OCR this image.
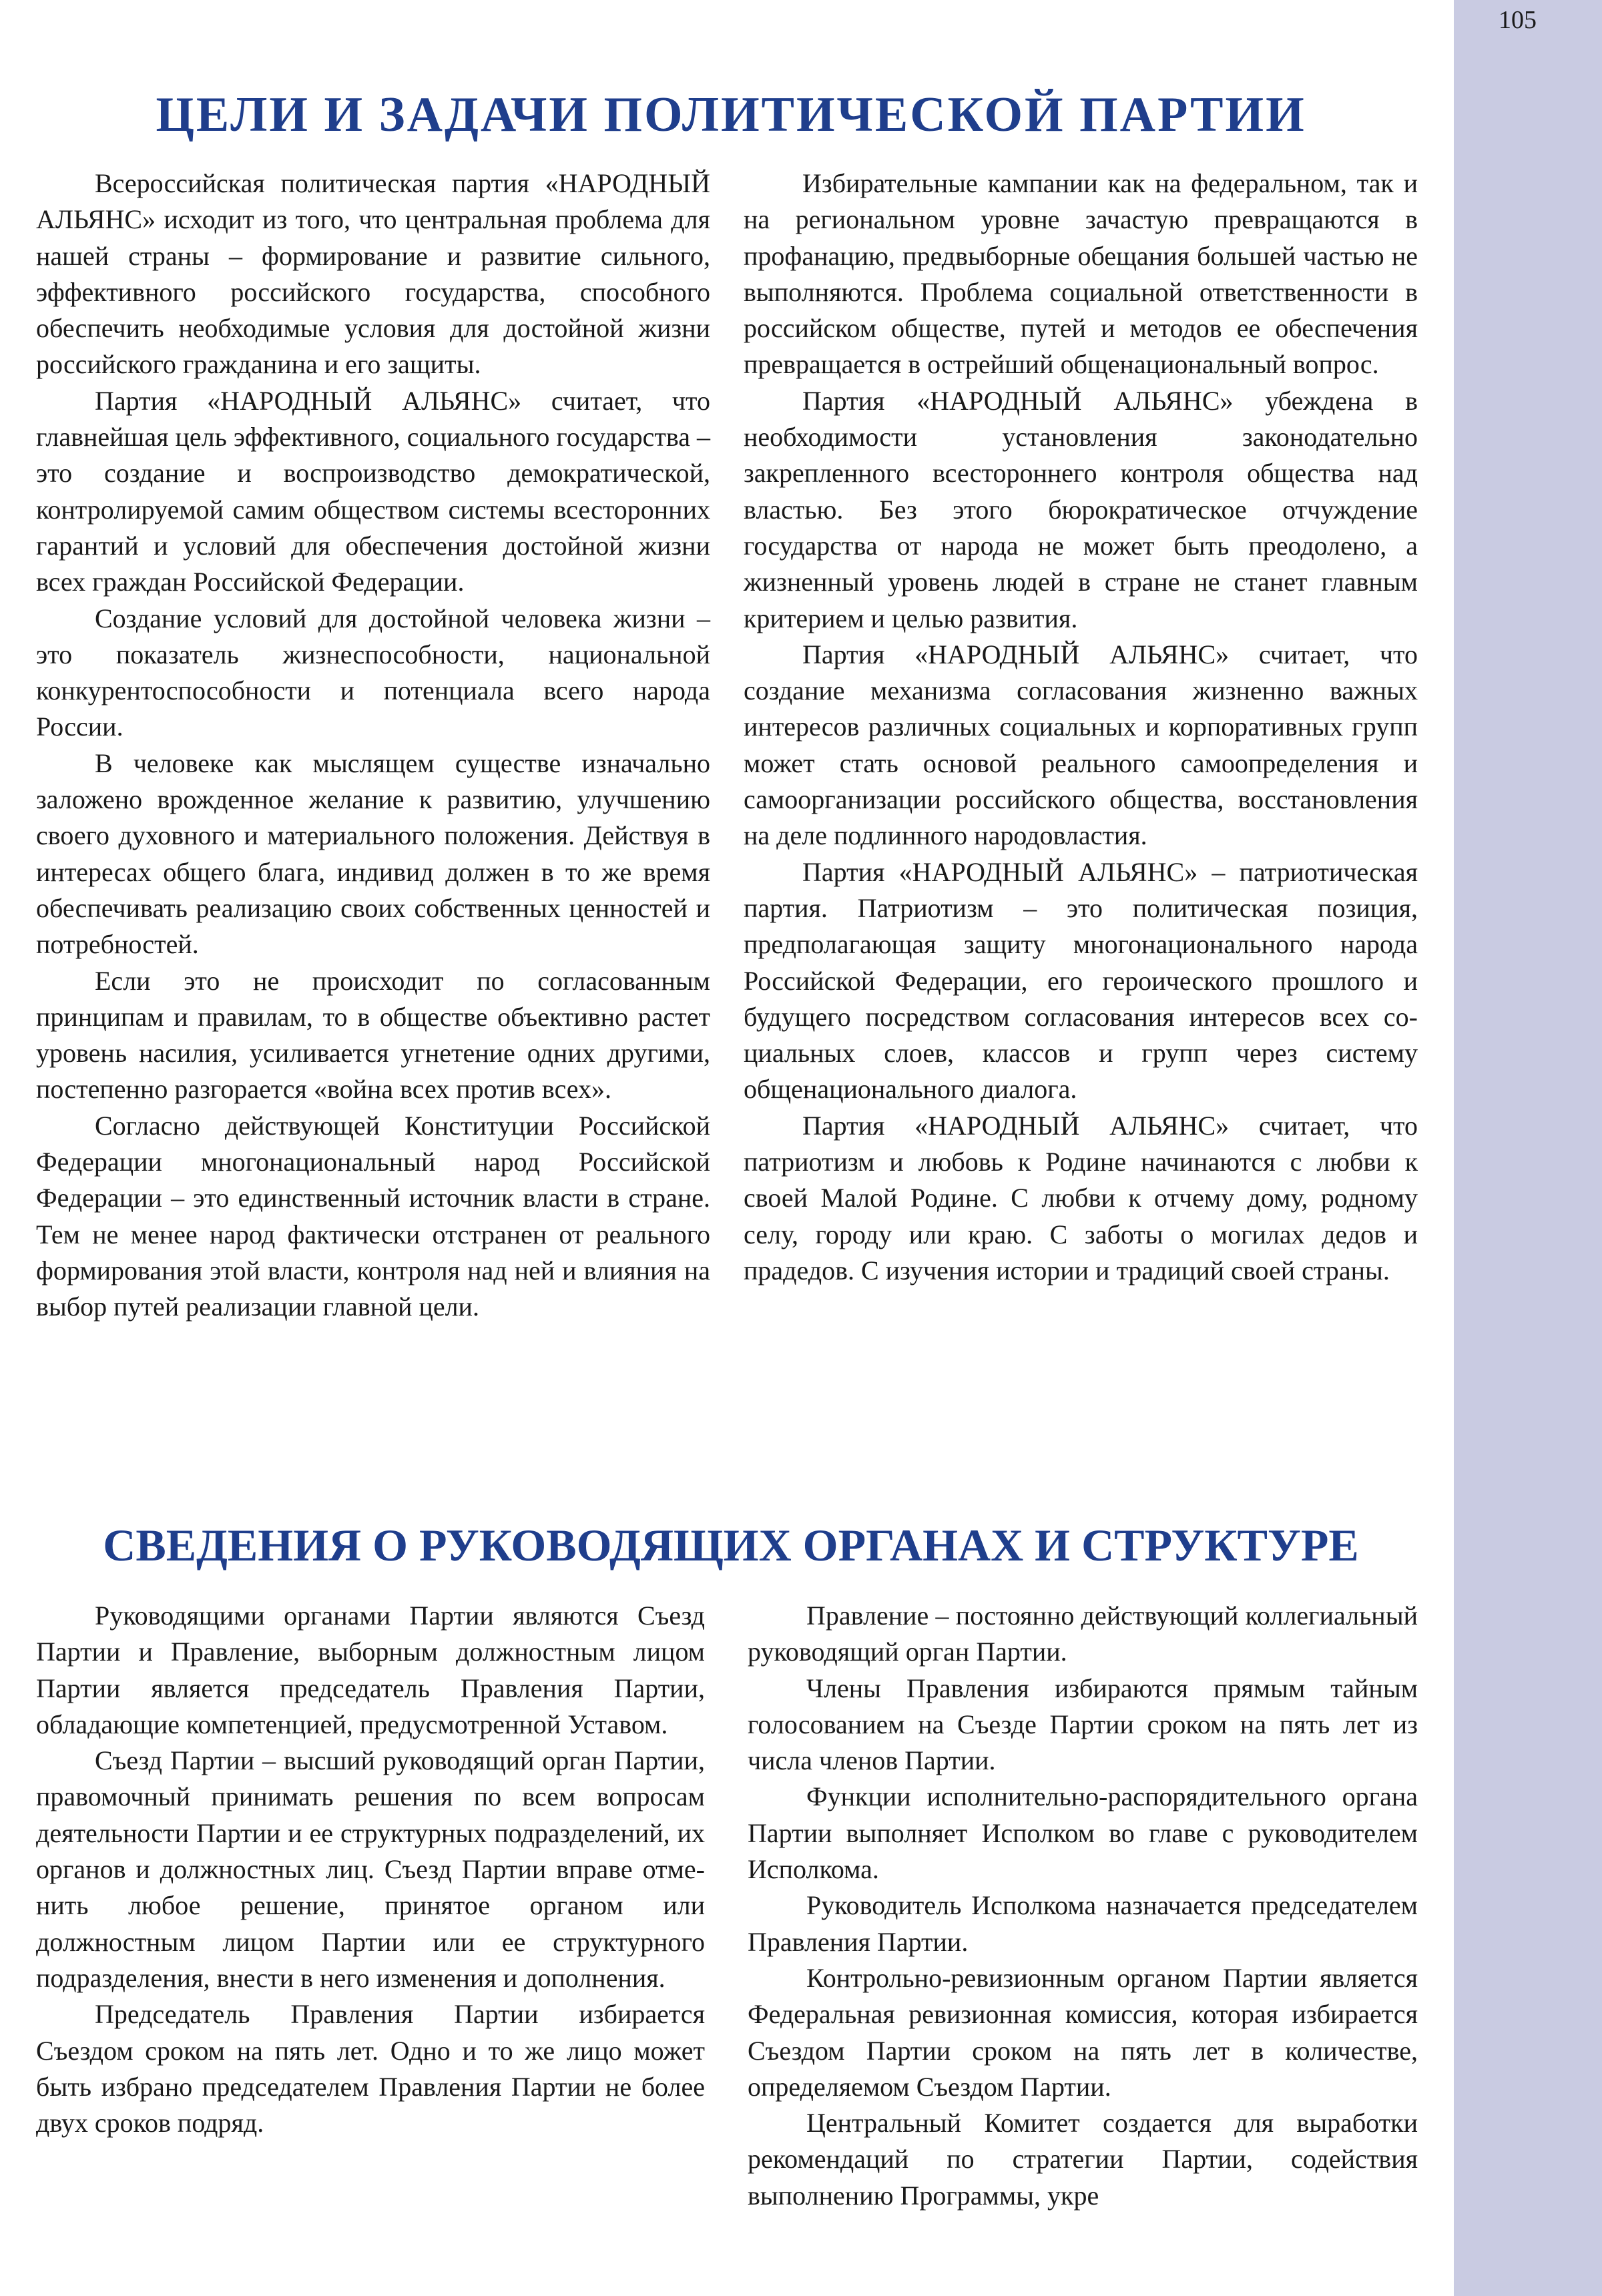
105
ЦЕЛИ И ЗАДАЧИ ПОЛИТИЧЕСКОЙ ПАРТИИ

Всероссийская политическая партия «НАРОДНЫЙ АЛЬЯНС» исходит из того, что центральная проблема для нашей страны – формирование и развитие сильного, эффективного российского государства, способного обеспечить необходимые условия для достойной жизни российского гражданина и его защиты.

Партия «НАРОДНЫЙ АЛЬЯНС» считает, что главнейшая цель эффективного, социального государства – это создание и воспроизводство демократической, контролируемой самим обществом системы всесторонних гарантий и условий для обеспечения достойной жизни всех граждан Российской Федерации.

Создание условий для достойной человека жизни – это показатель жизнеспособности, национальной конкурентоспособности и потенциала всего народа России.

В человеке как мыслящем существе изначально заложено врожденное желание к развитию, улучшению своего духовного и материального положения. Действуя в интересах общего блага, индивид должен в то же время обеспечивать реализацию своих собственных ценностей и потребностей.

Если это не происходит по согласованным принципам и правилам, то в обществе объективно растет уровень насилия, усиливается угнетение одних другими, постепенно разгорается «война всех против всех».

Согласно действующей Конституции Российской Федерации многонациональный народ Российской Федерации – это единственный источник власти в стране. Тем не менее народ фактически отстранен от реального формирования этой власти, контроля над ней и влияния на выбор путей реализации главной цели.

Избирательные кампании как на федеральном, так и на региональном уровне зачастую превращаются в профанацию, предвыборные обещания большей частью не выполняются. Проблема социальной ответственности в российском обществе, путей и методов ее обеспечения превращается в острейший общенациональный вопрос.

Партия «НАРОДНЫЙ АЛЬЯНС» убеждена в необходимости установления законодательно закрепленного всестороннего контроля общества над властью. Без этого бюрократическое отчуждение государства от народа не может быть преодолено, а жизненный уровень людей в стране не станет главным критерием и целью развития.

Партия «НАРОДНЫЙ АЛЬЯНС» считает, что создание механизма согласования жизненно важных интересов различных социальных и корпоративных групп может стать основой реального самоопределения и самоорганизации российского общества, восстановления на деле подлинного народовластия.

Партия «НАРОДНЫЙ АЛЬЯНС» – патриотическая партия. Патриотизм – это политическая позиция, предполагающая защиту многонационального народа Российской Федерации, его героического прошлого и будущего посредством согласования интересов всех социальных слоев, классов и групп через систему общенационального диалога.

Партия «НАРОДНЫЙ АЛЬЯНС» считает, что патриотизм и любовь к Родине начинаются с любви к своей Малой Родине. С любви к отчему дому, родному селу, городу или краю. С заботы о могилах дедов и прадедов. С изучения истории и традиций своей страны.

СВЕДЕНИЯ О РУКОВОДЯЩИХ ОРГАНАХ И СТРУКТУРЕ

Руководящими органами Партии являются Съезд Партии и Правление, выборным должностным лицом Партии является председатель Правления Партии, обладающие компетенцией, предусмотренной Уставом.

Съезд Партии – высший руководящий орган Партии, правомочный принимать решения по всем вопросам деятельности Партии и ее структурных подразделений, их органов и должностных лиц. Съезд Партии вправе отменить любое решение, принятое органом или должностным лицом Партии или ее структурного подразделения, внести в него изменения и дополнения.

Председатель Правления Партии избирается Съездом сроком на пять лет. Одно и то же лицо может быть избрано председателем Правления Партии не более двух сроков подряд.

Правление – постоянно действующий коллегиальный руководящий орган Партии.

Члены Правления избираются прямым тайным голосованием на Съезде Партии сроком на пять лет из числа членов Партии.

Функции исполнительно-распорядительного органа Партии выполняет Исполком во главе с руководителем Исполкома.

Руководитель Исполкома назначается председателем Правления Партии.

Контрольно-ревизионным органом Партии является Федеральная ревизионная комиссия, которая избирается Съездом Партии сроком на пять лет в количестве, определяемом Съездом Партии.

Центральный Комитет создается для выработки рекомендаций по стратегии Партии, содействия выполнению Программы, укре
